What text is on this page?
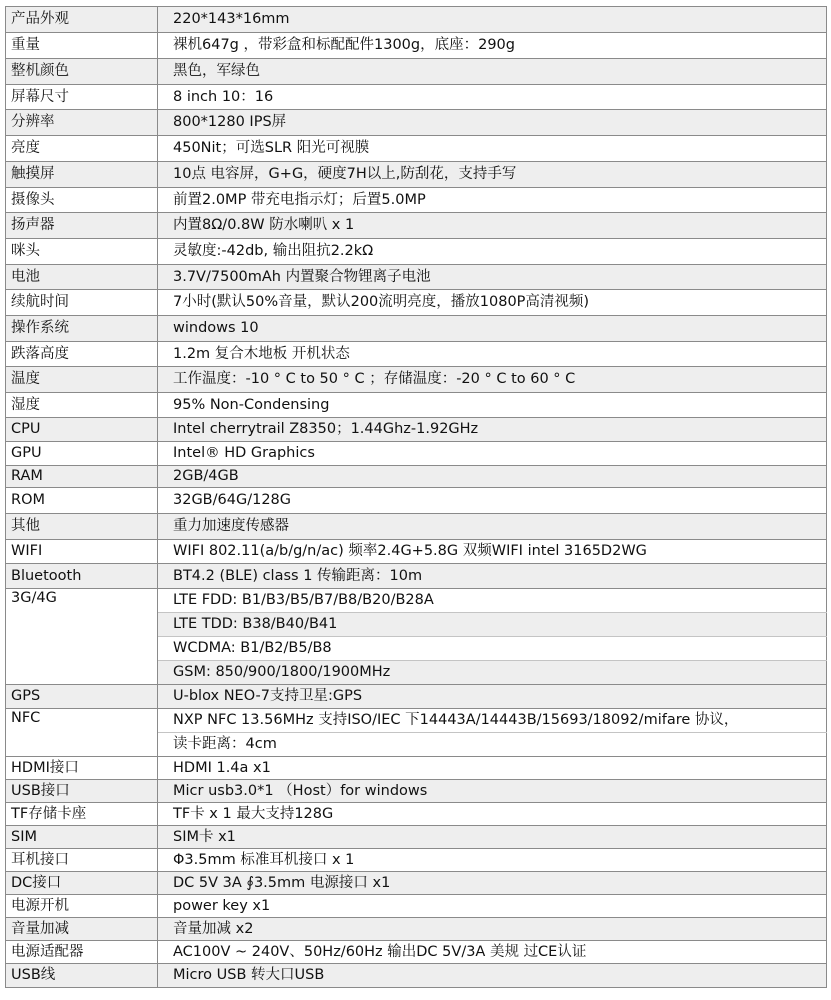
产品外观	220*143*16mm
重量	裸机647g ，带彩盒和标配配件1300g，底座：290g
整机颜色	黑色，军绿色
屏幕尺寸	8 inch 10：16
分辨率	800*1280 IPS屏
亮度	450Nit；可选SLR 阳光可视膜
触摸屏	10点 电容屏，G+G，硬度7H以上,防刮花，支持手写
摄像头	前置2.0MP 带充电指示灯；后置5.0MP
扬声器	内置8Ω/0.8W 防水喇叭 x 1
咪头	灵敏度:-42db, 输出阻抗2.2kΩ
电池	3.7V/7500mAh 内置聚合物锂离子电池
续航时间	7小时(默认50%音量，默认200流明亮度，播放1080P高清视频)
操作系统	windows 10
跌落高度	1.2m 复合木地板 开机状态
温度	工作温度：-10 ° C to 50 ° C ；存储温度：-20 ° C to 60 ° C
湿度	95% Non-Condensing
CPU	Intel cherrytrail Z8350；1.44Ghz-1.92GHz
GPU	Intel® HD Graphics
RAM	2GB/4GB
ROM	32GB/64G/128G
其他	重力加速度传感器
WIFI	WIFI 802.11(a/b/g/n/ac) 频率2.4G+5.8G 双频WIFI intel 3165D2WG
Bluetooth	BT4.2 (BLE) class 1 传输距离：10m
3G/4G	LTE FDD: B1/B3/B5/B7/B8/B20/B28A
	LTE TDD: B38/B40/B41
	WCDMA: B1/B2/B5/B8
	GSM: 850/900/1800/1900MHz
GPS	U-blox NEO-7支持卫星:GPS
NFC	NXP NFC 13.56MHz 支持ISO/IEC 下14443A/14443B/15693/18092/mifare 协议，
	读卡距离：4cm
HDMI接口	HDMI 1.4a x1
USB接口	Micr usb3.0*1 （Host）for windows
TF存储卡座	TF卡 x 1 最大支持128G
SIM	SIM卡 x1
耳机接口	Φ3.5mm 标准耳机接口 x 1
DC接口	DC 5V 3A ∮3.5mm 电源接口 x1
电源开机	power key x1
音量加减	音量加减 x2
电源适配器	AC100V ~ 240V、50Hz/60Hz 输出DC 5V/3A 美规 过CE认证
USB线	Micro USB 转大口USB
